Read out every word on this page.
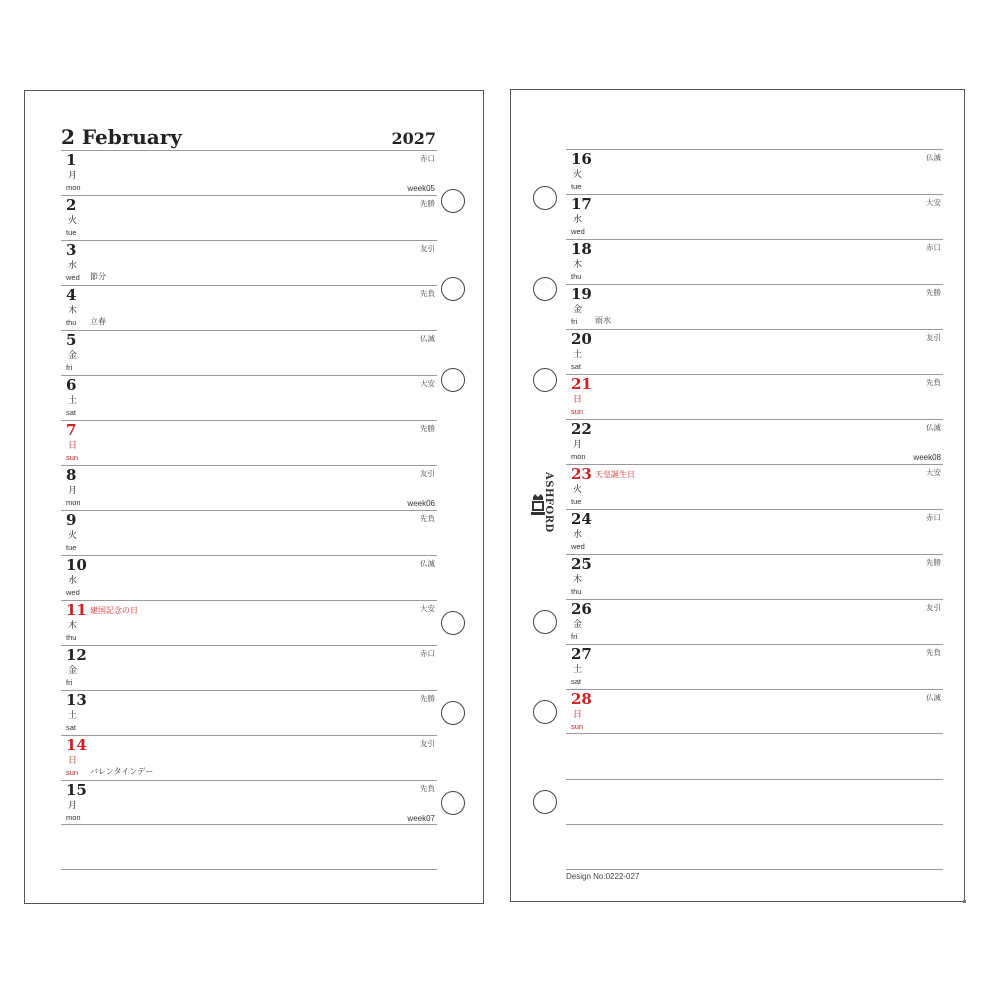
2 February	2027
1
月
mon
赤口
week05
2
火
tue
先勝
3
水
wed
友引
節分
4
木
thu
先負
立春
5
金
fri
仏滅
6
土
sat
大安
7
日
sun
先勝
8
月
mon
友引
week06
9
火
tue
先負
10
水
wed
仏滅
11
木
thu
大安
建国記念の日
12
金
fri
赤口
13
土
sat
先勝
14
日
sun
友引
バレンタインデー
15
月
mon
先負
week07
16
火
tue
仏滅
17
水
wed
大安
18
木
thu
赤口
19
金
fri
先勝
雨水
20
土
sat
友引
21
日
sun
先負
22
月
mon
仏滅
week08
23
火
tue
大安
天皇誕生日
24
水
wed
赤口
25
木
thu
先勝
26
金
fri
友引
27
土
sat
先負
28
日
sun
仏滅
Design No.0222-027
ASHFORD
